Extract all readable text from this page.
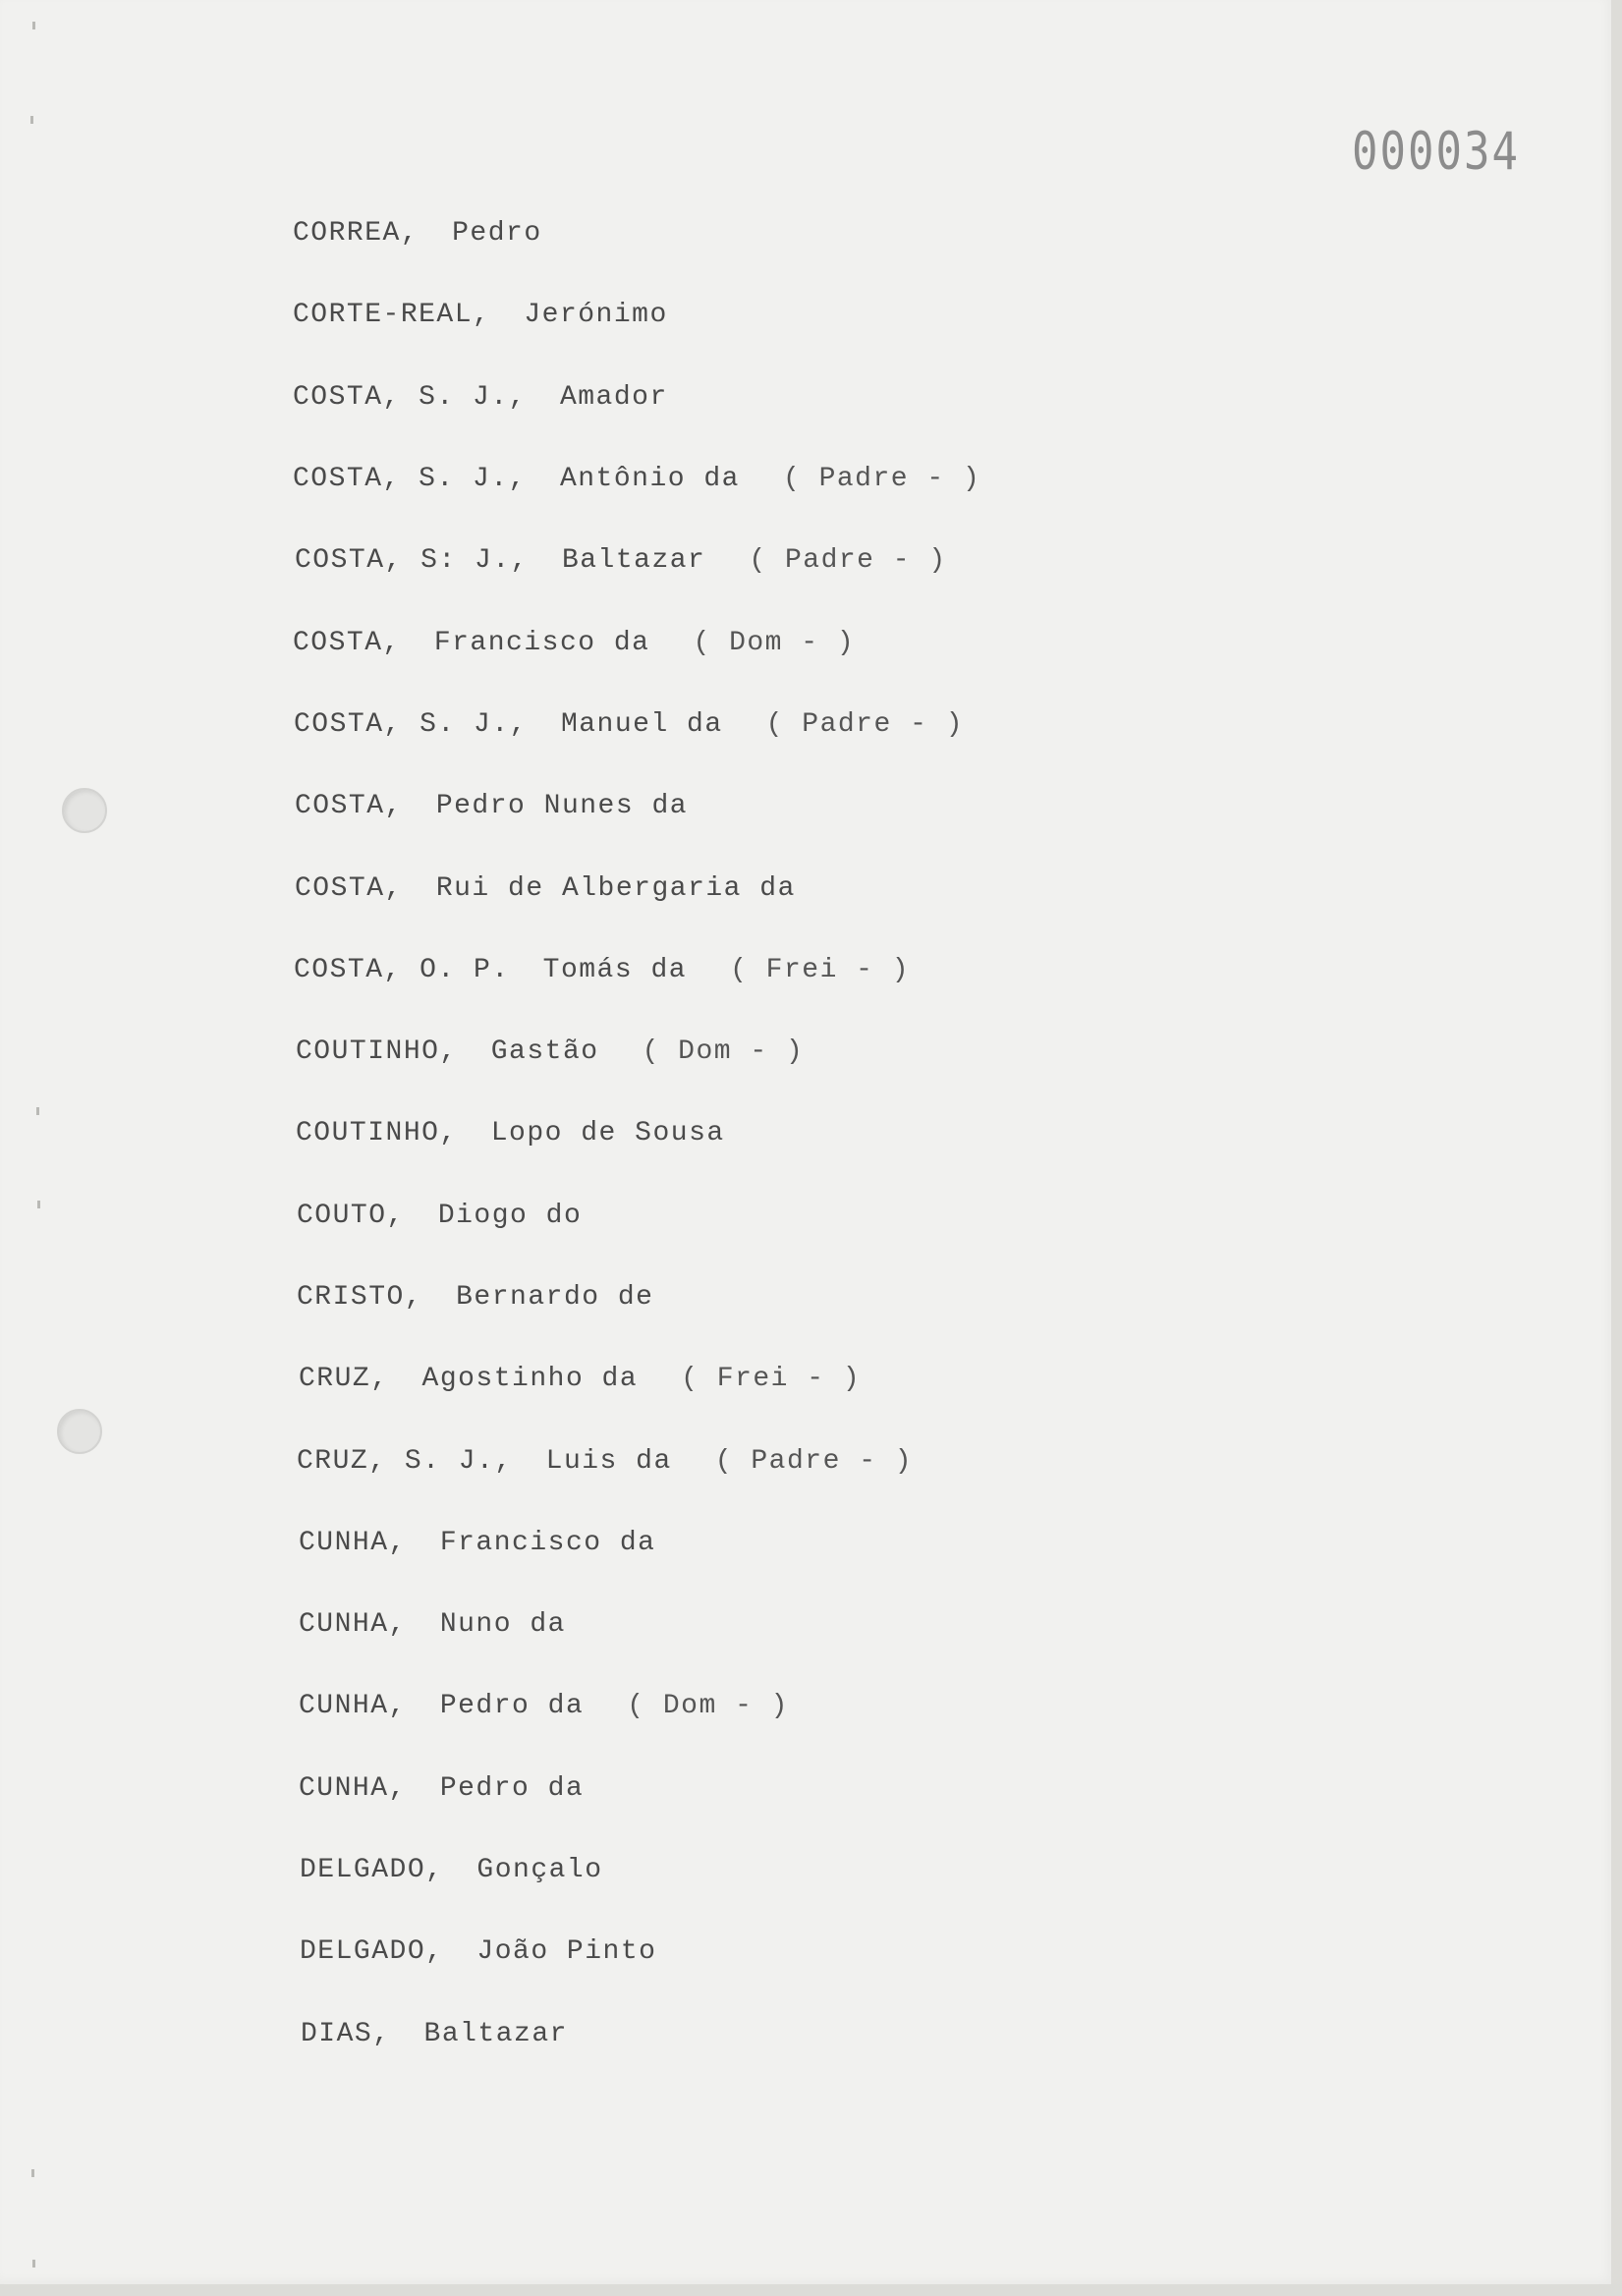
000034
CORREA, Pedro
CORTE-REAL, Jerónimo
COSTA, S. J., Amador
COSTA, S. J., Antônio da ( Padre - )
COSTA, S: J., Baltazar ( Padre - )
COSTA, Francisco da ( Dom - )
COSTA, S. J., Manuel da ( Padre - )
COSTA, Pedro Nunes da
COSTA, Rui de Albergaria da
COSTA, O. P. Tomás da ( Frei - )
COUTINHO, Gastão ( Dom - )
COUTINHO, Lopo de Sousa
COUTO, Diogo do
CRISTO, Bernardo de
CRUZ, Agostinho da ( Frei - )
CRUZ, S. J., Luis da ( Padre - )
CUNHA, Francisco da
CUNHA, Nuno da
CUNHA, Pedro da ( Dom - )
CUNHA, Pedro da
DELGADO, Gonçalo
DELGADO, João Pinto
DIAS, Baltazar
